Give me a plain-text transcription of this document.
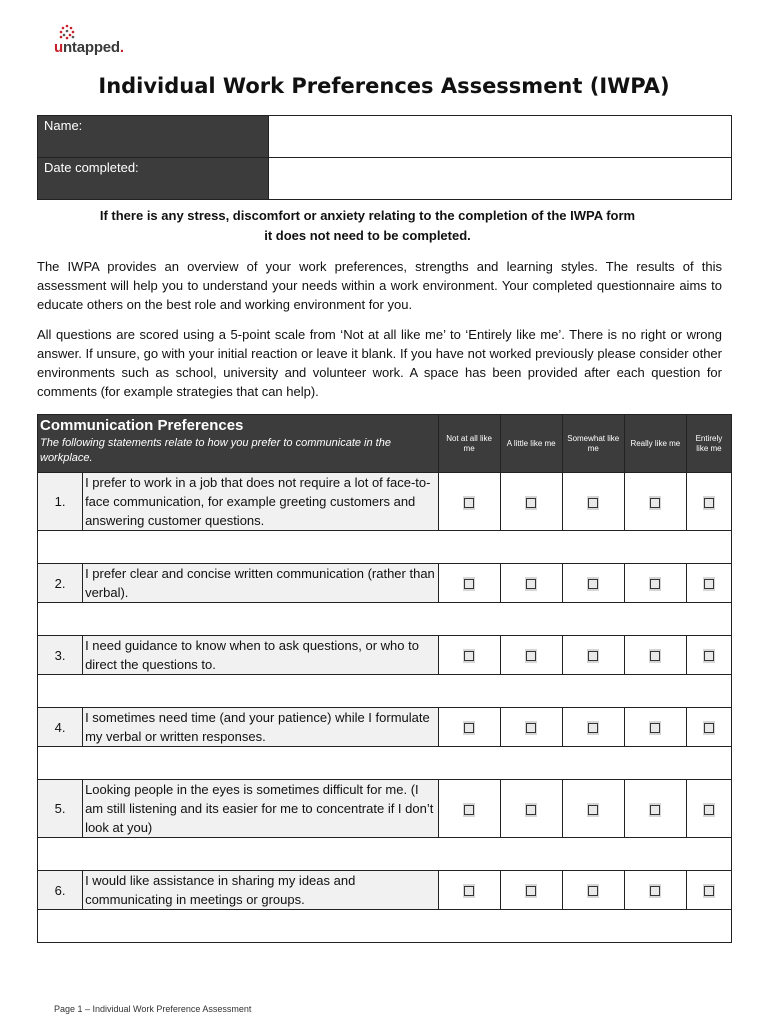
untapped.
Individual Work Preferences Assessment (IWPA)
Name:	
Date completed:	
If there is any stress, discomfort or anxiety relating to the completion of the IWPA form
it does not need to be completed.

The IWPA provides an overview of your work preferences, strengths and learning styles. The results of this assessment will help you to understand your needs within a work environment. Your completed questionnaire aims to educate others on the best role and working environment for you.

All questions are scored using a 5-point scale from ‘Not at all like me’ to ‘Entirely like me’. There is no right or wrong answer. If unsure, go with your initial reaction or leave it blank. If you have not worked previously please consider other environments such as school, university and volunteer work. A space has been provided after each question for comments (for example strategies that can help).

Communication Preferences
The following statements relate to how you prefer to communicate in the workplace.		Not at all like me	A little like me	Somewhat like me	Really like me	Entirely like me
1.	I prefer to work in a job that does not require a lot of face-to-face communication, for example greeting customers and answering customer questions.					

2.	I prefer clear and concise written communication (rather than verbal).					

3.	I need guidance to know when to ask questions, or who to direct the questions to.					

4.	I sometimes need time (and your patience) while I formulate my verbal or written responses.					

5.	Looking people in the eyes is sometimes difficult for me. (I am still listening and its easier for me to concentrate if I don’t look at you)					

6.	I would like assistance in sharing my ideas and communicating in meetings or groups.					

Page 1 – Individual Work Preference Assessment
